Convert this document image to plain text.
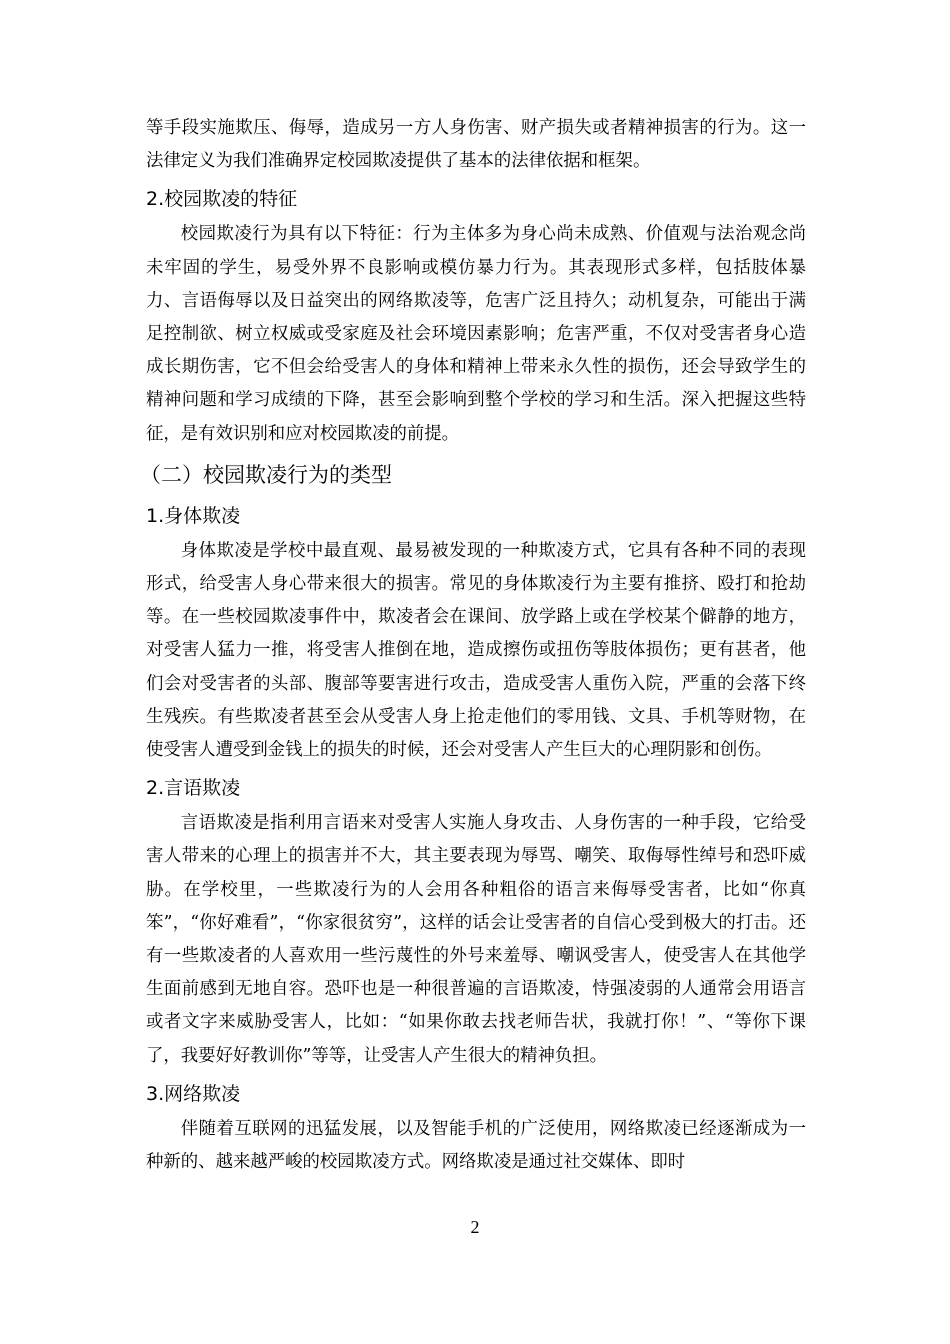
等手段实施欺压、侮辱，造成另一方人身伤害、财产损失或者精神损害的行为。这一法律定义为我们准确界定校园欺凌提供了基本的法律依据和框架。

2.校园欺凌的特征

校园欺凌行为具有以下特征：行为主体多为身心尚未成熟、价值观与法治观念尚未牢固的学生，易受外界不良影响或模仿暴力行为。其表现形式多样，包括肢体暴力、言语侮辱以及日益突出的网络欺凌等，危害广泛且持久；动机复杂，可能出于满足控制欲、树立权威或受家庭及社会环境因素影响；危害严重，不仅对受害者身心造成长期伤害，它不但会给受害人的身体和精神上带来永久性的损伤，还会导致学生的精神问题和学习成绩的下降，甚至会影响到整个学校的学习和生活。深入把握这些特征，是有效识别和应对校园欺凌的前提。

（二）校园欺凌行为的类型
1.身体欺凌

身体欺凌是学校中最直观、最易被发现的一种欺凌方式，它具有各种不同的表现形式，给受害人身心带来很大的损害。常见的身体欺凌行为主要有推挤、殴打和抢劫等。在一些校园欺凌事件中，欺凌者会在课间、放学路上或在学校某个僻静的地方，对受害人猛力一推，将受害人推倒在地，造成擦伤或扭伤等肢体损伤；更有甚者，他们会对受害者的头部、腹部等要害进行攻击，造成受害人重伤入院，严重的会落下终生残疾。有些欺凌者甚至会从受害人身上抢走他们的零用钱、文具、手机等财物，在使受害人遭受到金钱上的损失的时候，还会对受害人产生巨大的心理阴影和创伤。

2.言语欺凌

言语欺凌是指利用言语来对受害人实施人身攻击、人身伤害的一种手段，它给受害人带来的心理上的损害并不大，其主要表现为辱骂、嘲笑、取侮辱性绰号和恐吓威胁。在学校里，一些欺凌行为的人会用各种粗俗的语言来侮辱受害者，比如“你真笨”，“你好难看”，“你家很贫穷”，这样的话会让受害者的自信心受到极大的打击。还有一些欺凌者的人喜欢用一些污蔑性的外号来羞辱、嘲讽受害人，使受害人在其他学生面前感到无地自容。恐吓也是一种很普遍的言语欺凌，恃强凌弱的人通常会用语言或者文字来威胁受害人，比如：“如果你敢去找老师告状，我就打你！”、“等你下课了，我要好好教训你”等等，让受害人产生很大的精神负担。

3.网络欺凌

伴随着互联网的迅猛发展，以及智能手机的广泛使用，网络欺凌已经逐渐成为一种新的、越来越严峻的校园欺凌方式。网络欺凌是通过社交媒体、即时

2
